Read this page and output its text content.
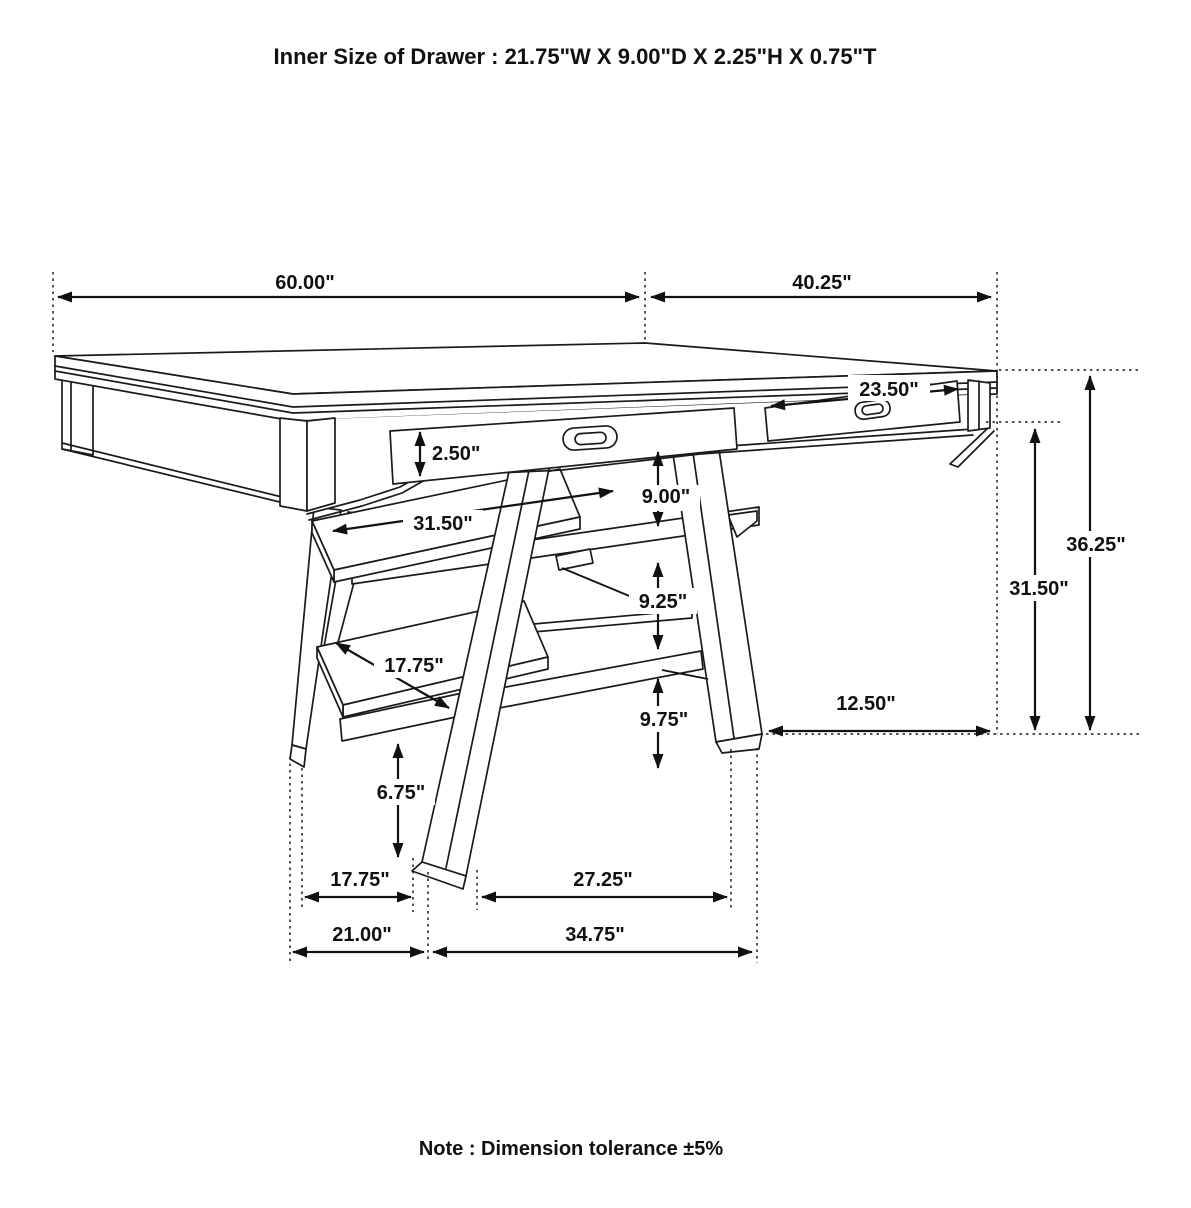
60.00"	40.25"
23.50"
2.50"
9.00"
31.50"
9.25"
17.75"
9.75"
12.50"
6.75"
36.25"
31.50"
17.75"	27.25"
21.00"	34.75"
Inner Size of Drawer : 21.75"W X 9.00"D X 2.25"H X 0.75"T
Note : Dimension tolerance ±5%
